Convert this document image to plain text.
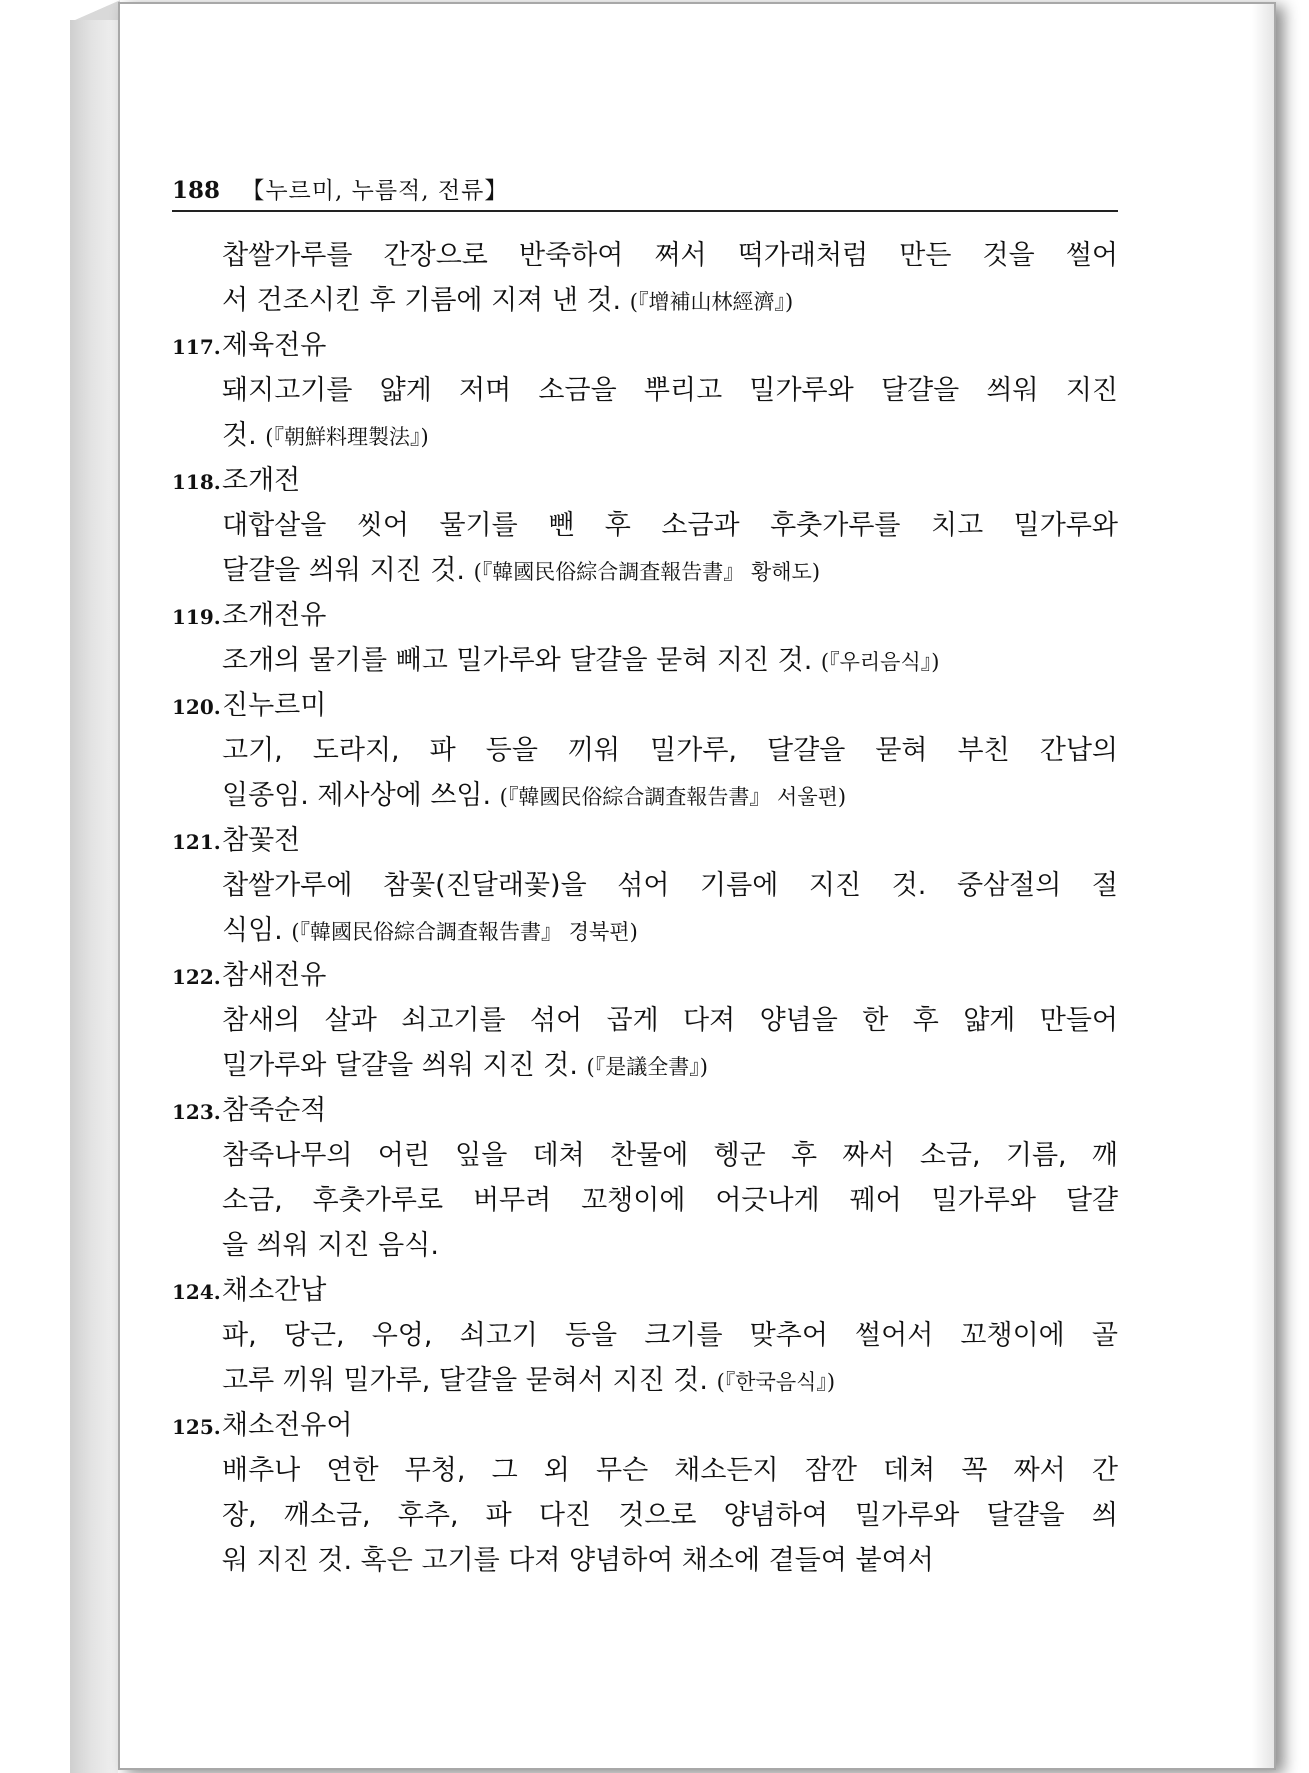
188 【누르미, 누름적, 전류】
찹쌀가루를 간장으로 반죽하여 쪄서 떡가래처럼 만든 것을 썰어
서 건조시킨 후 기름에 지져 낸 것. (『增補山林經濟』)
117.제육전유
돼지고기를 얇게 저며 소금을 뿌리고 밀가루와 달걀을 씌워 지진
것. (『朝鮮料理製法』)
118.조개전
대합살을 씻어 물기를 뺀 후 소금과 후춧가루를 치고 밀가루와
달걀을 씌워 지진 것. (『韓國民俗綜合調査報告書』 황해도)
119.조개전유
조개의 물기를 빼고 밀가루와 달걀을 묻혀 지진 것. (『우리음식』)
120.진누르미
고기, 도라지, 파 등을 끼워 밀가루, 달걀을 묻혀 부친 간납의
일종임. 제사상에 쓰임. (『韓國民俗綜合調査報告書』 서울편)
121.참꽃전
찹쌀가루에 참꽃(진달래꽃)을 섞어 기름에 지진 것. 중삼절의 절
식임. (『韓國民俗綜合調査報告書』 경북편)
122.참새전유
참새의 살과 쇠고기를 섞어 곱게 다져 양념을 한 후 얇게 만들어
밀가루와 달걀을 씌워 지진 것. (『是議全書』)
123.참죽순적
참죽나무의 어린 잎을 데쳐 찬물에 헹군 후 짜서 소금, 기름, 깨
소금, 후춧가루로 버무려 꼬챙이에 어긋나게 꿰어 밀가루와 달걀
을 씌워 지진 음식.
124.채소간납
파, 당근, 우엉, 쇠고기 등을 크기를 맞추어 썰어서 꼬챙이에 골
고루 끼워 밀가루, 달걀을 묻혀서 지진 것. (『한국음식』)
125.채소전유어
배추나 연한 무청, 그 외 무슨 채소든지 잠깐 데쳐 꼭 짜서 간
장, 깨소금, 후추, 파 다진 것으로 양념하여 밀가루와 달걀을 씌
워 지진 것. 혹은 고기를 다져 양념하여 채소에 곁들여 붙여서
